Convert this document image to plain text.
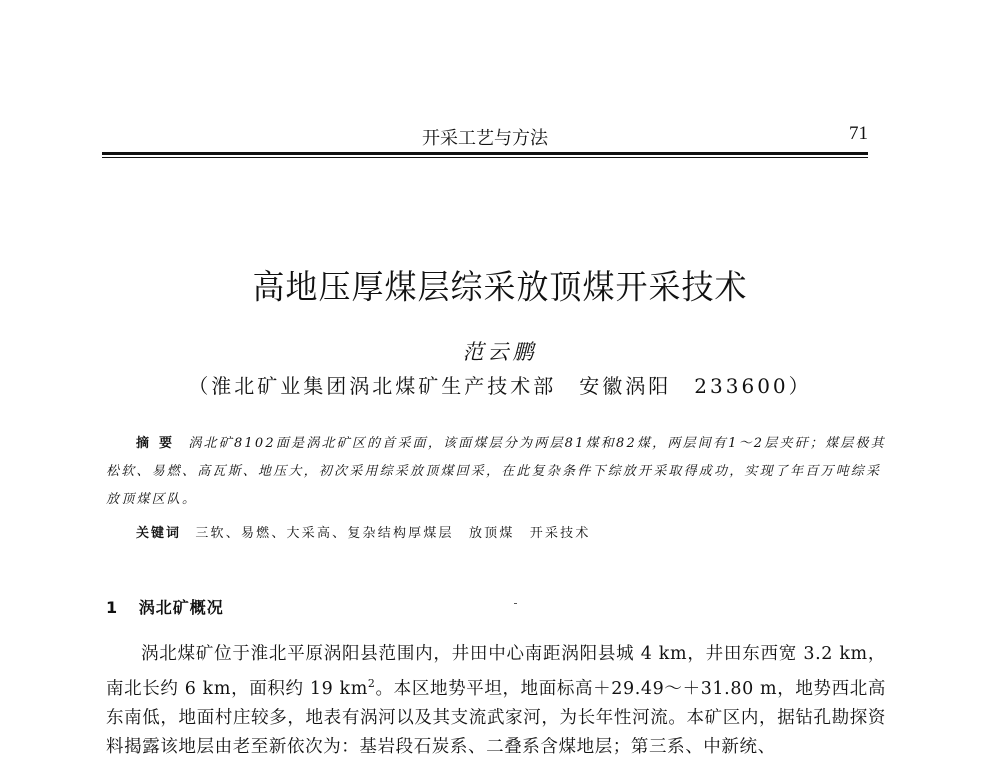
开采工艺与方法	71
高地压厚煤层综采放顶煤开采技术
范云鹏
（淮北矿业集团涡北煤矿生产技术部　安徽涡阳　233600）
摘要 涡北矿8102面是涡北矿区的首采面，该面煤层分为两层81煤和82煤，两层间有1～2层夹矸；煤层极其松软、易燃、高瓦斯、地压大，初次采用综采放顶煤回采，在此复杂条件下综放开采取得成功，实现了年百万吨综采放顶煤区队。
关键词 三软、易燃、大采高、复杂结构厚煤层　放顶煤　开采技术
1 涡北矿概况
涡北煤矿位于淮北平原涡阳县范围内，井田中心南距涡阳县城 4 km，井田东西宽 3.2 km，南北长约 6 km，面积约 19 $km^2$。本区地势平坦，地面标高＋29.49～＋31.80 m，地势西北高东南低，地面村庄较多，地表有涡河以及其支流武家河，为长年性河流。本矿区内，据钻孔勘探资料揭露该地层由老至新依次为：基岩段石炭系、二叠系含煤地层；第三系、中新统、
